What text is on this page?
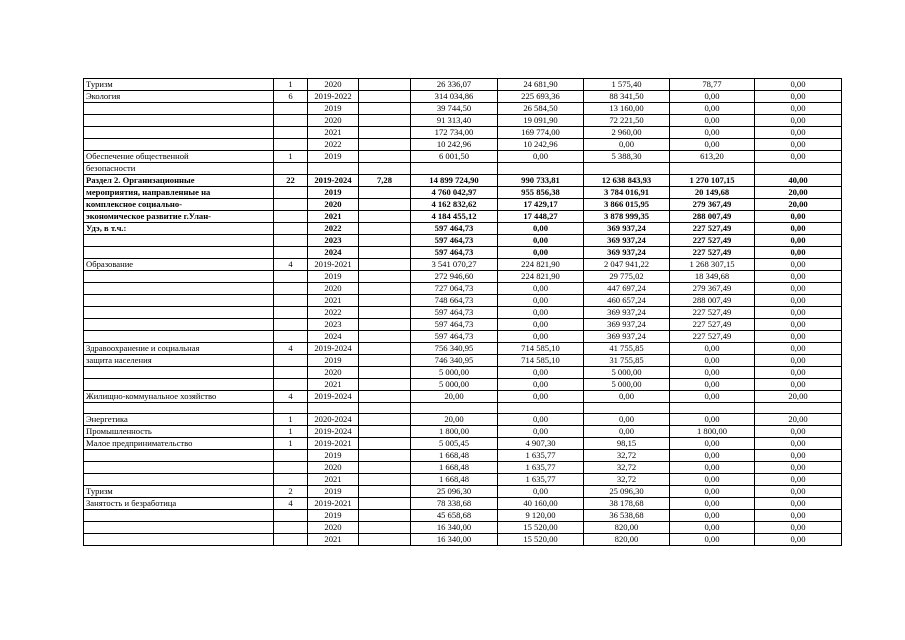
Туризм	1	2020		26 336,07	24 681,90	1 575,40	78,77	0,00
Экология	6	2019-2022		314 034,86	225 693,36	88 341,50	0,00	0,00
		2019		39 744,50	26 584,50	13 160,00	0,00	0,00
		2020		91 313,40	19 091,90	72 221,50	0,00	0,00
		2021		172 734,00	169 774,00	2 960,00	0,00	0,00
		2022		10 242,96	10 242,96	0,00	0,00	0,00
Обеспечение общественной	1	2019		6 001,50	0,00	5 388,30	613,20	0,00
безопасности								
Раздел 2. Организационные	22	2019-2024	7,28	14 899 724,90	990 733,81	12 638 843,93	1 270 107,15	40,00
мероприятия, направленные на		2019		4 760 042,97	955 856,38	3 784 016,91	20 149,68	20,00
комплексное социально-		2020		4 162 832,62	17 429,17	3 866 015,95	279 367,49	20,00
экономическое развитие г.Улан-		2021		4 184 455,12	17 448,27	3 878 999,35	288 007,49	0,00
Удэ, в т.ч.:		2022		597 464,73	0,00	369 937,24	227 527,49	0,00
		2023		597 464,73	0,00	369 937,24	227 527,49	0,00
		2024		597 464,73	0,00	369 937,24	227 527,49	0,00
Образование	4	2019-2021		3 541 070,27	224 821,90	2 047 941,22	1 268 307,15	0,00
		2019		272 946,60	224 821,90	29 775,02	18 349,68	0,00
		2020		727 064,73	0,00	447 697,24	279 367,49	0,00
		2021		748 664,73	0,00	460 657,24	288 007,49	0,00
		2022		597 464,73	0,00	369 937,24	227 527,49	0,00
		2023		597 464,73	0,00	369 937,24	227 527,49	0,00
		2024		597 464,73	0,00	369 937,24	227 527,49	0,00
Здравоохранение и социальная	4	2019-2024		756 340,95	714 585,10	41 755,85	0,00	0,00
защита населения		2019		746 340,95	714 585,10	31 755,85	0,00	0,00
		2020		5 000,00	0,00	5 000,00	0,00	0,00
		2021		5 000,00	0,00	5 000,00	0,00	0,00
Жилищно-коммунальное хозяйство	4	2019-2024		20,00	0,00	0,00	0,00	20,00

Энергетика	1	2020-2024		20,00	0,00	0,00	0,00	20,00
Промышленность	1	2019-2024		1 800,00	0,00	0,00	1 800,00	0,00
Малое предпринимательство	1	2019-2021		5 005,45	4 907,30	98,15	0,00	0,00
		2019		1 668,48	1 635,77	32,72	0,00	0,00
		2020		1 668,48	1 635,77	32,72	0,00	0,00
		2021		1 668,48	1 635,77	32,72	0,00	0,00
Туризм	2	2019		25 096,30	0,00	25 096,30	0,00	0,00
Занятость и безработица	4	2019-2021		78 338,68	40 160,00	38 178,68	0,00	0,00
		2019		45 658,68	9 120,00	36 538,68	0,00	0,00
		2020		16 340,00	15 520,00	820,00	0,00	0,00
		2021		16 340,00	15 520,00	820,00	0,00	0,00
